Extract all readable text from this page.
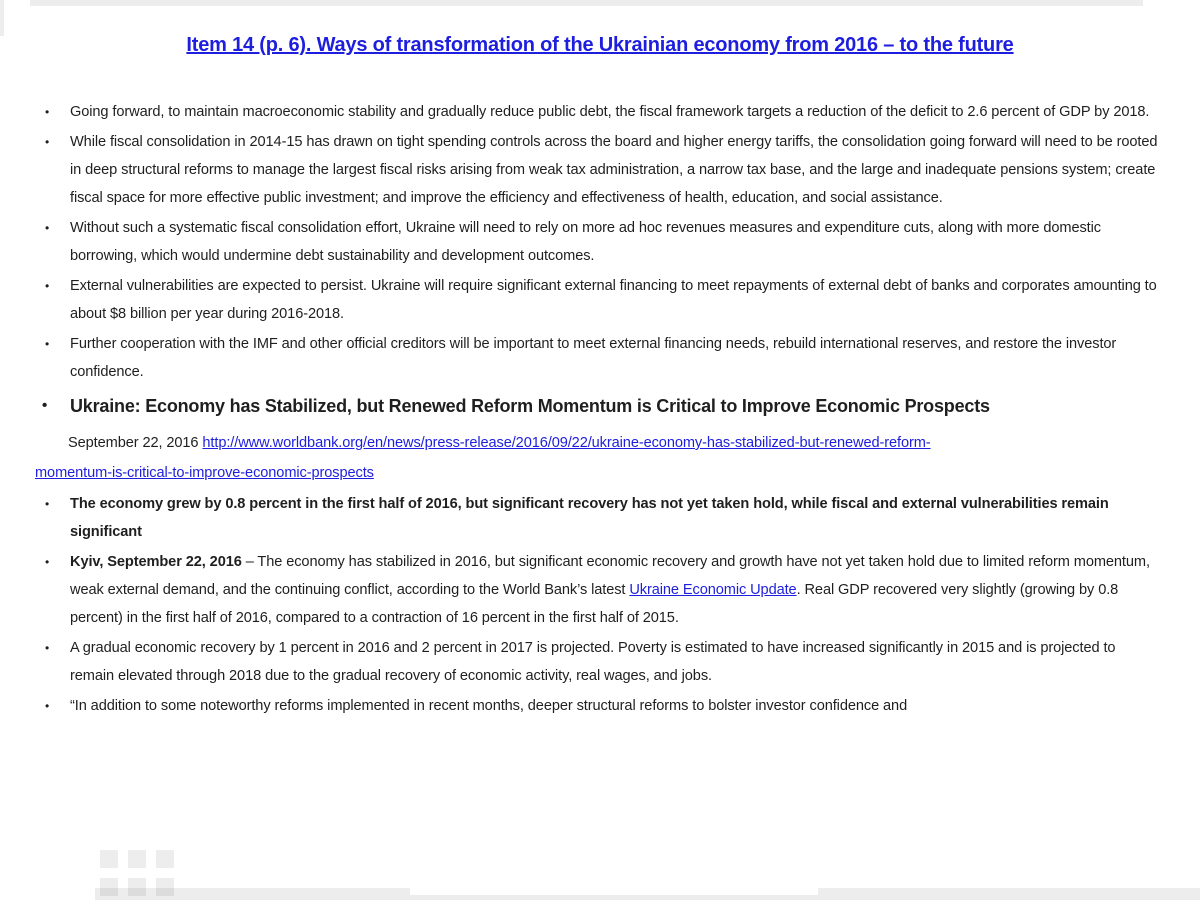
Item 14 (p. 6). Ways of transformation of the Ukrainian economy from 2016 – to the future
• Going forward, to maintain macroeconomic stability and gradually reduce public debt, the fiscal framework targets a reduction of the deficit to 2.6 percent of GDP by 2018.
• While fiscal consolidation in 2014-15 has drawn on tight spending controls across the board and higher energy tariffs, the consolidation going forward will need to be rooted in deep structural reforms to manage the largest fiscal risks arising from weak tax administration, a narrow tax base, and the large and inadequate pensions system; create fiscal space for more effective public investment; and improve the efficiency and effectiveness of health, education, and social assistance.
• Without such a systematic fiscal consolidation effort, Ukraine will need to rely on more ad hoc revenues measures and expenditure cuts, along with more domestic borrowing, which would undermine debt sustainability and development outcomes.
• External vulnerabilities are expected to persist. Ukraine will require significant external financing to meet repayments of external debt of banks and corporates amounting to about $8 billion per year during 2016-2018.
• Further cooperation with the IMF and other official creditors will be important to meet external financing needs, rebuild international reserves, and restore the investor confidence.
• Ukraine: Economy has Stabilized, but Renewed Reform Momentum is Critical to Improve Economic Prospects
September 22, 2016 http://www.worldbank.org/en/news/press-release/2016/09/22/ukraine-economy-has-stabilized-but-renewed-reform-
momentum-is-critical-to-improve-economic-prospects
• The economy grew by 0.8 percent in the first half of 2016, but significant recovery has not yet taken hold, while fiscal and external vulnerabilities remain significant
• Kyiv, September 22, 2016 – The economy has stabilized in 2016, but significant economic recovery and growth have not yet taken hold due to limited reform momentum, weak external demand, and the continuing conflict, according to the World Bank’s latest Ukraine Economic Update. Real GDP recovered very slightly (growing by 0.8 percent) in the first half of 2016, compared to a contraction of 16 percent in the first half of 2015.
• A gradual economic recovery by 1 percent in 2016 and 2 percent in 2017 is projected. Poverty is estimated to have increased significantly in 2015 and is projected to remain elevated through 2018 due to the gradual recovery of economic activity, real wages, and jobs.
• “In addition to some noteworthy reforms implemented in recent months, deeper structural reforms to bolster investor confidence and
